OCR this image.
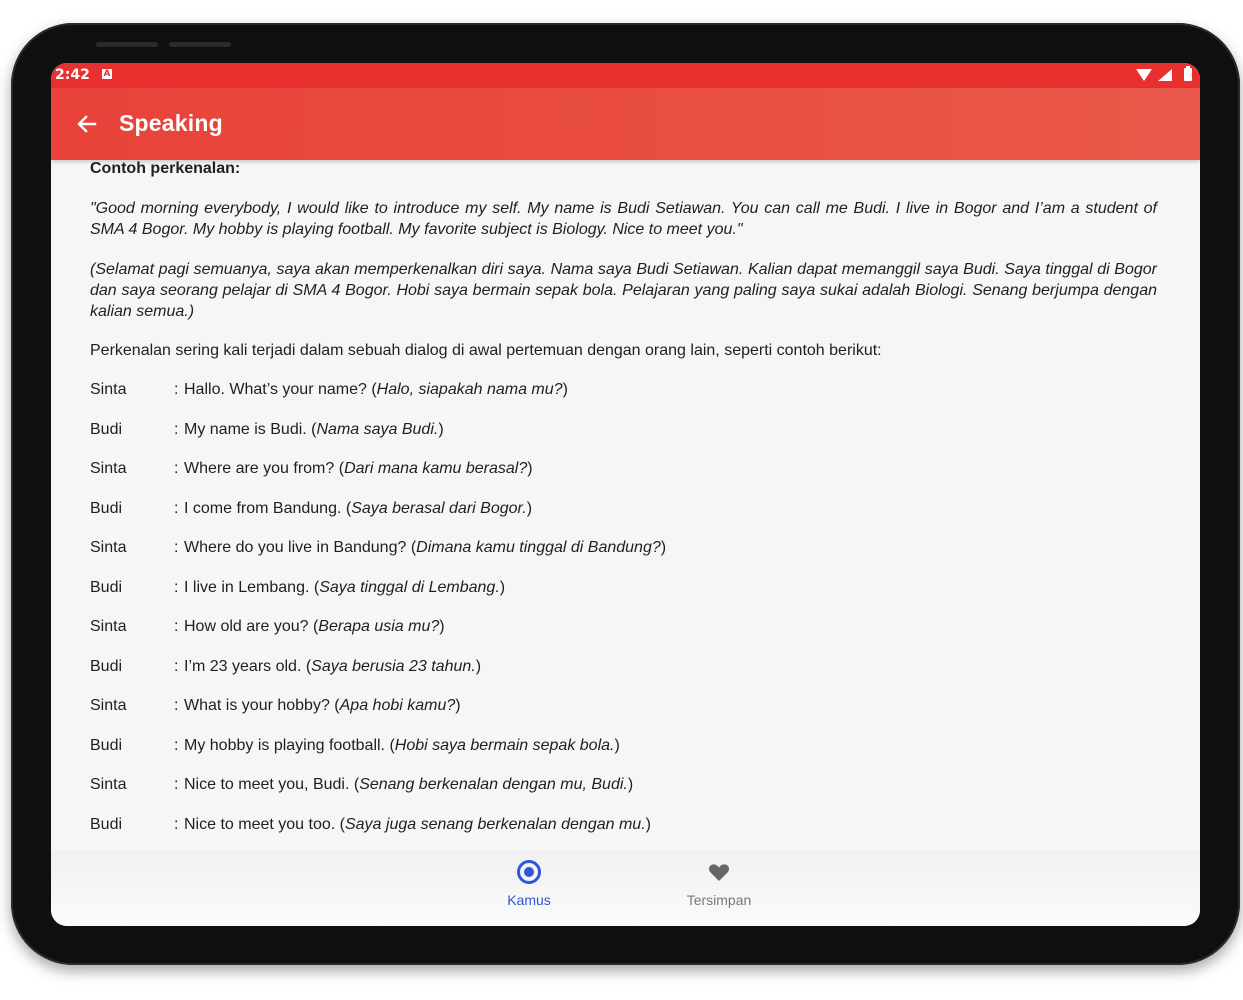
2:42 A
Speaking
Contoh perkenalan:

"Good morning everybody, I would like to introduce my self. My name is Budi Setiawan. You can call me Budi. I live in Bogor and I’am a student of SMA 4 Bogor. My hobby is playing football. My favorite subject is Biology. Nice to meet you."

(Selamat pagi semuanya, saya akan memperkenalkan diri saya. Nama saya Budi Setiawan. Kalian dapat memanggil saya Budi. Saya tinggal di Bogor dan saya seorang pelajar di SMA 4 Bogor. Hobi saya bermain sepak bola. Pelajaran yang paling saya sukai adalah Biologi. Senang berjumpa dengan kalian semua.)

Perkenalan sering kali terjadi dalam sebuah dialog di awal pertemuan dengan orang lain, seperti contoh berikut:
Sinta	: Hallo. What’s your name? (Halo, siapakah nama mu?)
Budi	: My name is Budi. (Nama saya Budi.)
Sinta	: Where are you from? (Dari mana kamu berasal?)
Budi	: I come from Bandung. (Saya berasal dari Bogor.)
Sinta	: Where do you live in Bandung? (Dimana kamu tinggal di Bandung?)
Budi	: I live in Lembang. (Saya tinggal di Lembang.)
Sinta	: How old are you? (Berapa usia mu?)
Budi	: I’m 23 years old. (Saya berusia 23 tahun.)
Sinta	: What is your hobby? (Apa hobi kamu?)
Budi	: My hobby is playing football. (Hobi saya bermain sepak bola.)
Sinta	: Nice to meet you, Budi. (Senang berkenalan dengan mu, Budi.)
Budi	: Nice to meet you too. (Saya juga senang berkenalan dengan mu.)
Kamus	Tersimpan
